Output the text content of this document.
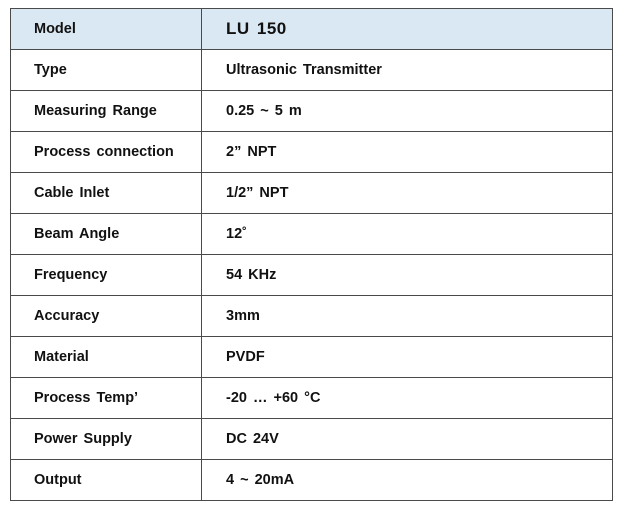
Model	LU 150
Type	Ultrasonic Transmitter
Measuring Range	0.25 ~ 5 m
Process connection	2” NPT
Cable Inlet	1/2” NPT
Beam Angle	12˚
Frequency	54 KHz
Accuracy	3mm
Material	PVDF
Process Temp’	-20 … +60 °C
Power Supply	DC 24V
Output	4 ~ 20mA
